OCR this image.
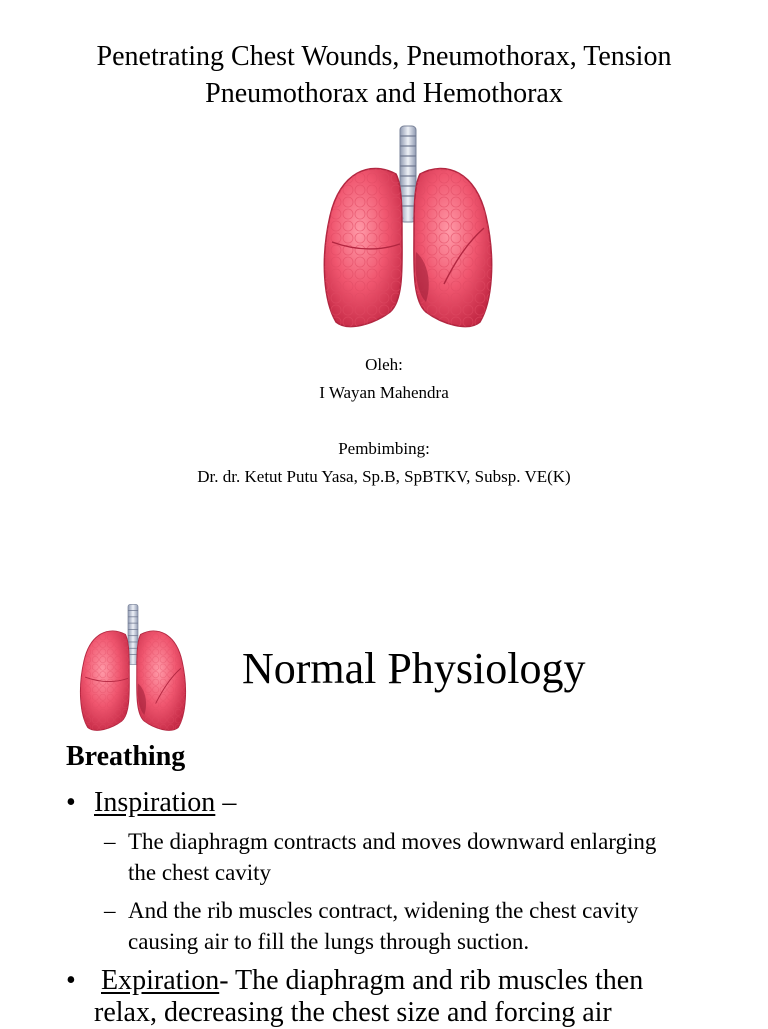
Penetrating Chest Wounds, Pneumothorax, Tension Pneumothorax and Hemothorax
Oleh:
I Wayan Mahendra
Pembimbing:
Dr. dr. Ketut Putu Yasa, Sp.B, SpBTKV, Subsp. VE(K)
Normal Physiology
Breathing
• Inspiration –
– The diaphragm contracts and moves downward enlarging the chest cavity
– And the rib muscles contract, widening the chest cavity causing air to fill the lungs through suction.
• Expiration- The diaphragm and rib muscles then relax, decreasing the chest size and forcing air
